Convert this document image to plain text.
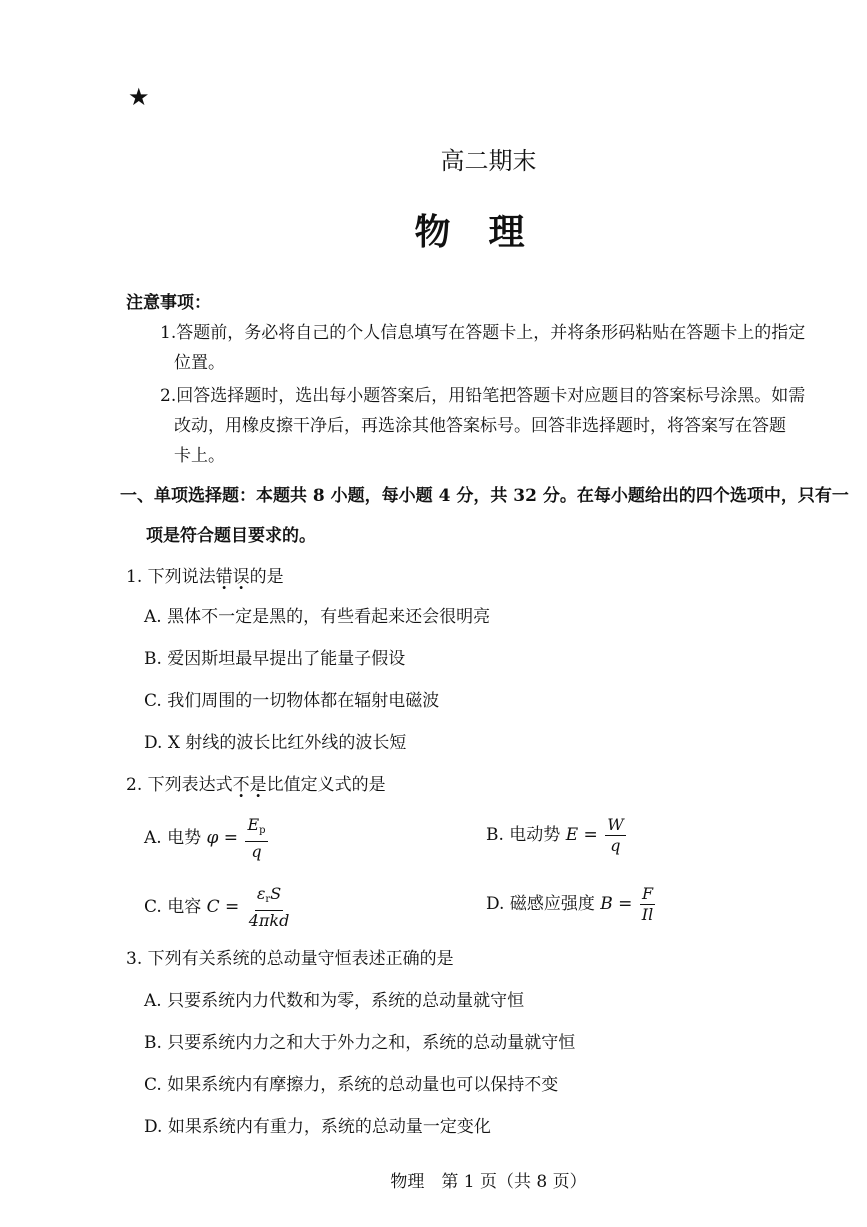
★
高二期末
物理
注意事项：
1.答题前，务必将自己的个人信息填写在答题卡上，并将条形码粘贴在答题卡上的指定
位置。
2.回答选择题时，选出每小题答案后，用铅笔把答题卡对应题目的答案标号涂黑。如需
改动，用橡皮擦干净后，再选涂其他答案标号。回答非选择题时，将答案写在答题
卡上。
一、单项选择题：本题共 8 小题，每小题 4 分，共 32 分。在每小题给出的四个选项中，只有一
项是符合题目要求的。
1. 下列说法错误的是
A. 黑体不一定是黑的，有些看起来还会很明亮
B. 爱因斯坦最早提出了能量子假设
C. 我们周围的一切物体都在辐射电磁波
D. X 射线的波长比红外线的波长短
2. 下列表达式不是比值定义式的是
A. 电势 $\varphi = \frac{E_p}{q}$	B. 电动势 $E = \frac{W}{q}$
C. 电容 $C = \frac{\varepsilon_rS}{\text{4πkd}}$	D. 磁感应强度 $B = \frac{F}{Il}$
3. 下列有关系统的总动量守恒表述正确的是
A. 只要系统内力代数和为零，系统的总动量就守恒
B. 只要系统内力之和大于外力之和，系统的总动量就守恒
C. 如果系统内有摩擦力，系统的总动量也可以保持不变
D. 如果系统内有重力，系统的总动量一定变化
物理　第 1 页（共 8 页）
